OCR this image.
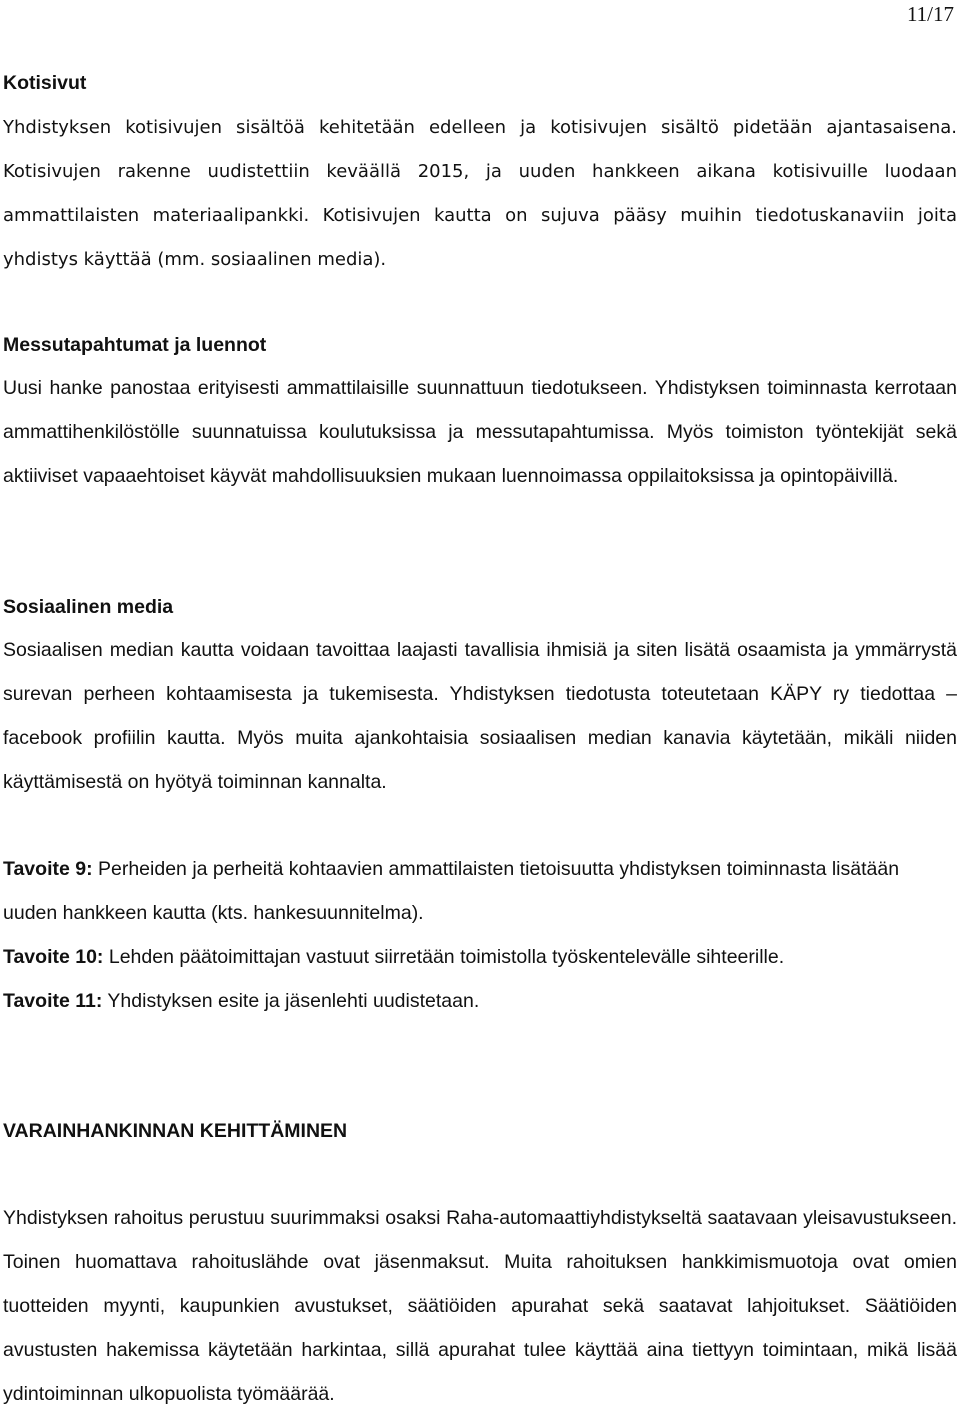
11/17
Kotisivut

Yhdistyksen kotisivujen sisältöä kehitetään edelleen ja kotisivujen sisältö pidetään ajantasaisena. Kotisivujen rakenne uudistettiin keväällä 2015, ja uuden hankkeen aikana kotisivuille luodaan ammattilaisten materiaalipankki. Kotisivujen kautta on sujuva pääsy muihin tiedotuskanaviin joita yhdistys käyttää (mm. sosiaalinen media).

Messutapahtumat ja luennot

Uusi hanke panostaa erityisesti ammattilaisille suunnattuun tiedotukseen. Yhdistyksen toiminnasta kerrotaan ammattihenkilöstölle suunnatuissa koulutuksissa ja messutapahtumissa. Myös toimiston työntekijät sekä aktiiviset vapaaehtoiset käyvät mahdollisuuksien mukaan luennoimassa oppilaitoksissa ja opintopäivillä.

Sosiaalinen media

Sosiaalisen median kautta voidaan tavoittaa laajasti tavallisia ihmisiä ja siten lisätä osaamista ja ymmärrystä surevan perheen kohtaamisesta ja tukemisesta. Yhdistyksen tiedotusta toteutetaan KÄPY ry tiedottaa –facebook profiilin kautta. Myös muita ajankohtaisia sosiaalisen median kanavia käytetään, mikäli niiden käyttämisestä on hyötyä toiminnan kannalta.

Tavoite 9: Perheiden ja perheitä kohtaavien ammattilaisten tietoisuutta yhdistyksen toiminnasta lisätään uuden hankkeen kautta (kts. hankesuunnitelma).

Tavoite 10: Lehden päätoimittajan vastuut siirretään toimistolla työskentelevälle sihteerille.

Tavoite 11: Yhdistyksen esite ja jäsenlehti uudistetaan.

VARAINHANKINNAN KEHITTÄMINEN

Yhdistyksen rahoitus perustuu suurimmaksi osaksi Raha-automaattiyhdistykseltä saatavaan yleisavustukseen. Toinen huomattava rahoituslähde ovat jäsenmaksut. Muita rahoituksen hankkimismuotoja ovat omien tuotteiden myynti, kaupunkien avustukset, säätiöiden apurahat sekä saatavat lahjoitukset. Säätiöiden avustusten hakemissa käytetään harkintaa, sillä apurahat tulee käyttää aina tiettyyn toimintaan, mikä lisää ydintoiminnan ulkopuolista työmäärää.
